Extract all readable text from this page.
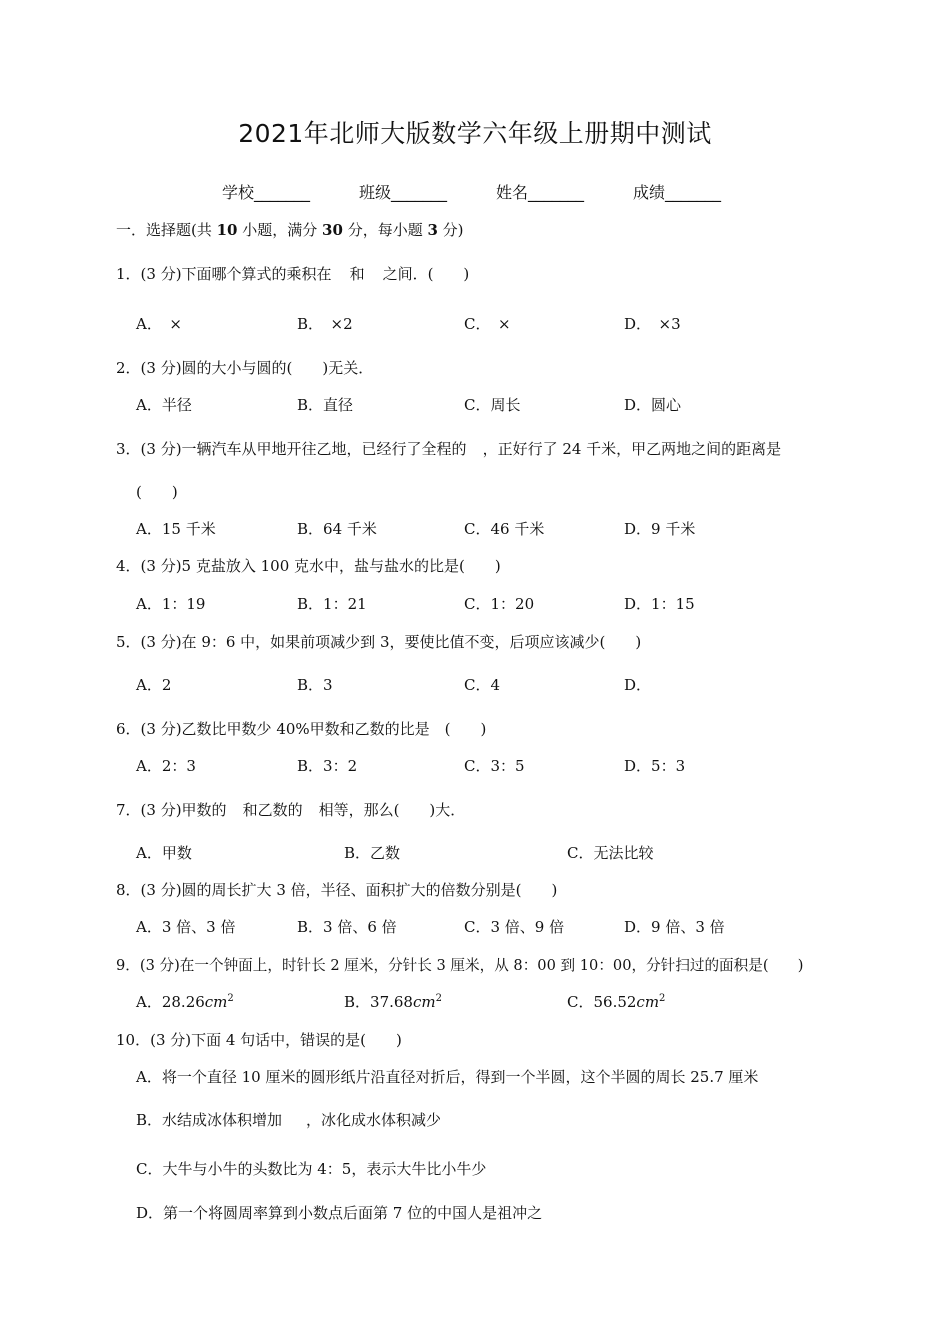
2021年北师大版数学六年级上册期中测试
学校_______	班级_______	姓名_______	成绩_______
一．选择题(共 10 小题，满分 30 分，每小题 3 分)
1．(3 分)下面哪个算式的乘积在 和 之间．(　　)
A．　×	B．　×2	C．　×	D．　×3
2．(3 分)圆的大小与圆的(　　)无关．
A．半径	B．直径	C．周长	D．圆心
3．(3 分)一辆汽车从甲地开往乙地，已经行了全程的 ，正好行了 24 千米，甲乙两地之间的距离是
(　　)
A．15 千米	B．64 千米	C．46 千米	D．9 千米
4．(3 分)5 克盐放入 100 克水中，盐与盐水的比是(　　)
A．1：19	B．1：21	C．1：20	D．1：15
5．(3 分)在 9：6 中，如果前项减少到 3，要使比值不变，后项应该减少(　　)
A．2	B．3	C．4	D．
6．(3 分)乙数比甲数少 40%甲数和乙数的比是　(　　)
A．2：3	B．3：2	C．3：5	D．5：3
7．(3 分)甲数的 和乙数的 相等，那么(　　)大．
A．甲数	B．乙数	C．无法比较
8．(3 分)圆的周长扩大 3 倍，半径、面积扩大的倍数分别是(　　)
A．3 倍、3 倍	B．3 倍、6 倍	C．3 倍、9 倍	D．9 倍、3 倍
9．(3 分)在一个钟面上，时针长 2 厘米，分针长 3 厘米，从 8：00 到 10：00，分针扫过的面积是(　　)
A．$28.26cm^2$	B．$37.68cm^2$	C．$56.52cm^2$
10．(3 分)下面 4 句话中，错误的是(　　)
A．将一个直径 10 厘米的圆形纸片沿直径对折后，得到一个半圆，这个半圆的周长 25.7 厘米
B．水结成冰体积增加 ，冰化成水体积减少
C．大牛与小牛的头数比为 4：5，表示大牛比小牛少
D．第一个将圆周率算到小数点后面第 7 位的中国人是祖冲之
